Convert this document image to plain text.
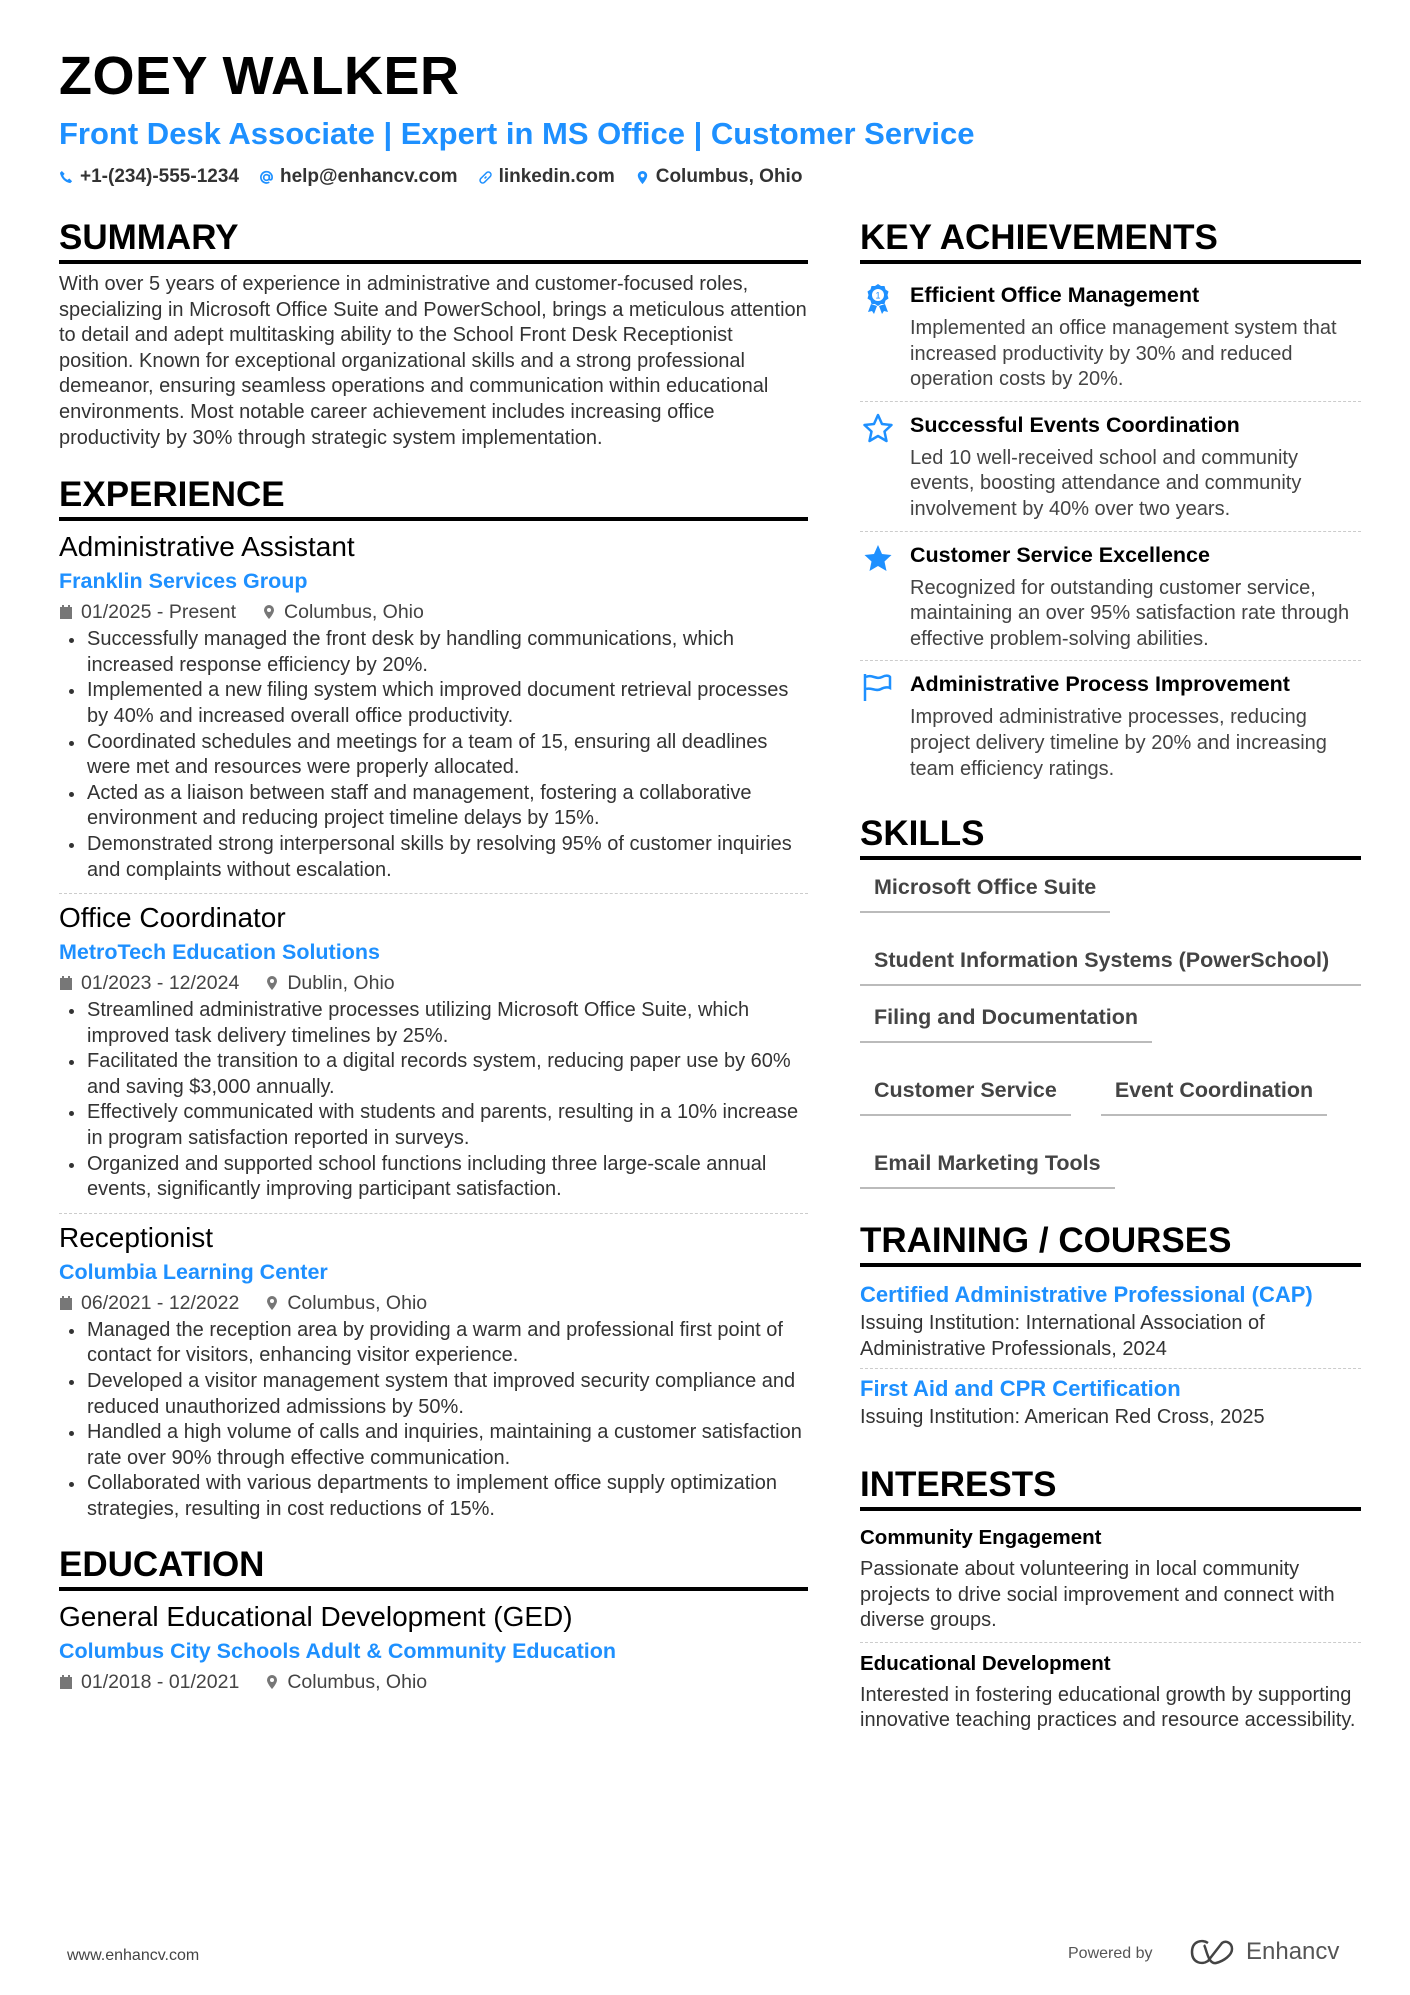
ZOEY WALKER
Front Desk Associate | Expert in MS Office | Customer Service
+1-(234)-555-1234 help@enhancv.com linkedin.com Columbus, Ohio
SUMMARY

With over 5 years of experience in administrative and customer-focused roles, specializing in Microsoft Office Suite and PowerSchool, brings a meticulous attention to detail and adept multitasking ability to the School Front Desk Receptionist position. Known for exceptional organizational skills and a strong professional demeanor, ensuring seamless operations and communication within educational environments. Most notable career achievement includes increasing office productivity by 30% through strategic system implementation.

EXPERIENCE
Administrative Assistant
Franklin Services Group
01/2025 - Present Columbus, Ohio
Successfully managed the front desk by handling communications, which increased response efficiency by 20%.
Implemented a new filing system which improved document retrieval processes by 40% and increased overall office productivity.
Coordinated schedules and meetings for a team of 15, ensuring all deadlines were met and resources were properly allocated.
Acted as a liaison between staff and management, fostering a collaborative environment and reducing project timeline delays by 15%.
Demonstrated strong interpersonal skills by resolving 95% of customer inquiries and complaints without escalation.
Office Coordinator
MetroTech Education Solutions
01/2023 - 12/2024 Dublin, Ohio
Streamlined administrative processes utilizing Microsoft Office Suite, which improved task delivery timelines by 25%.
Facilitated the transition to a digital records system, reducing paper use by 60% and saving $3,000 annually.
Effectively communicated with students and parents, resulting in a 10% increase in program satisfaction reported in surveys.
Organized and supported school functions including three large-scale annual events, significantly improving participant satisfaction.
Receptionist
Columbia Learning Center
06/2021 - 12/2022 Columbus, Ohio
Managed the reception area by providing a warm and professional first point of contact for visitors, enhancing visitor experience.
Developed a visitor management system that improved security compliance and reduced unauthorized admissions by 50%.
Handled a high volume of calls and inquiries, maintaining a customer satisfaction rate over 90% through effective communication.
Collaborated with various departments to implement office supply optimization strategies, resulting in cost reductions of 15%.
EDUCATION
General Educational Development (GED)
Columbus City Schools Adult & Community Education
01/2018 - 01/2021 Columbus, Ohio
KEY ACHIEVEMENTS
1 Efficient Office Management
Implemented an office management system that increased productivity by 30% and reduced operation costs by 20%.
Successful Events Coordination
Led 10 well-received school and community events, boosting attendance and community involvement by 40% over two years.
Customer Service Excellence
Recognized for outstanding customer service, maintaining an over 95% satisfaction rate through effective problem-solving abilities.
Administrative Process Improvement
Improved administrative processes, reducing project delivery timeline by 20% and increasing team efficiency ratings.
SKILLS
Microsoft Office Suite
Student Information Systems (PowerSchool)
Filing and Documentation
Customer Service	Event Coordination
Email Marketing Tools
TRAINING / COURSES
Certified Administrative Professional (CAP)
Issuing Institution: International Association of Administrative Professionals, 2024
First Aid and CPR Certification
Issuing Institution: American Red Cross, 2025
INTERESTS
Community Engagement
Passionate about volunteering in local community projects to drive social improvement and connect with diverse groups.
Educational Development
Interested in fostering educational growth by supporting innovative teaching practices and resource accessibility.
www.enhancv.com	Powered by	Enhancv
